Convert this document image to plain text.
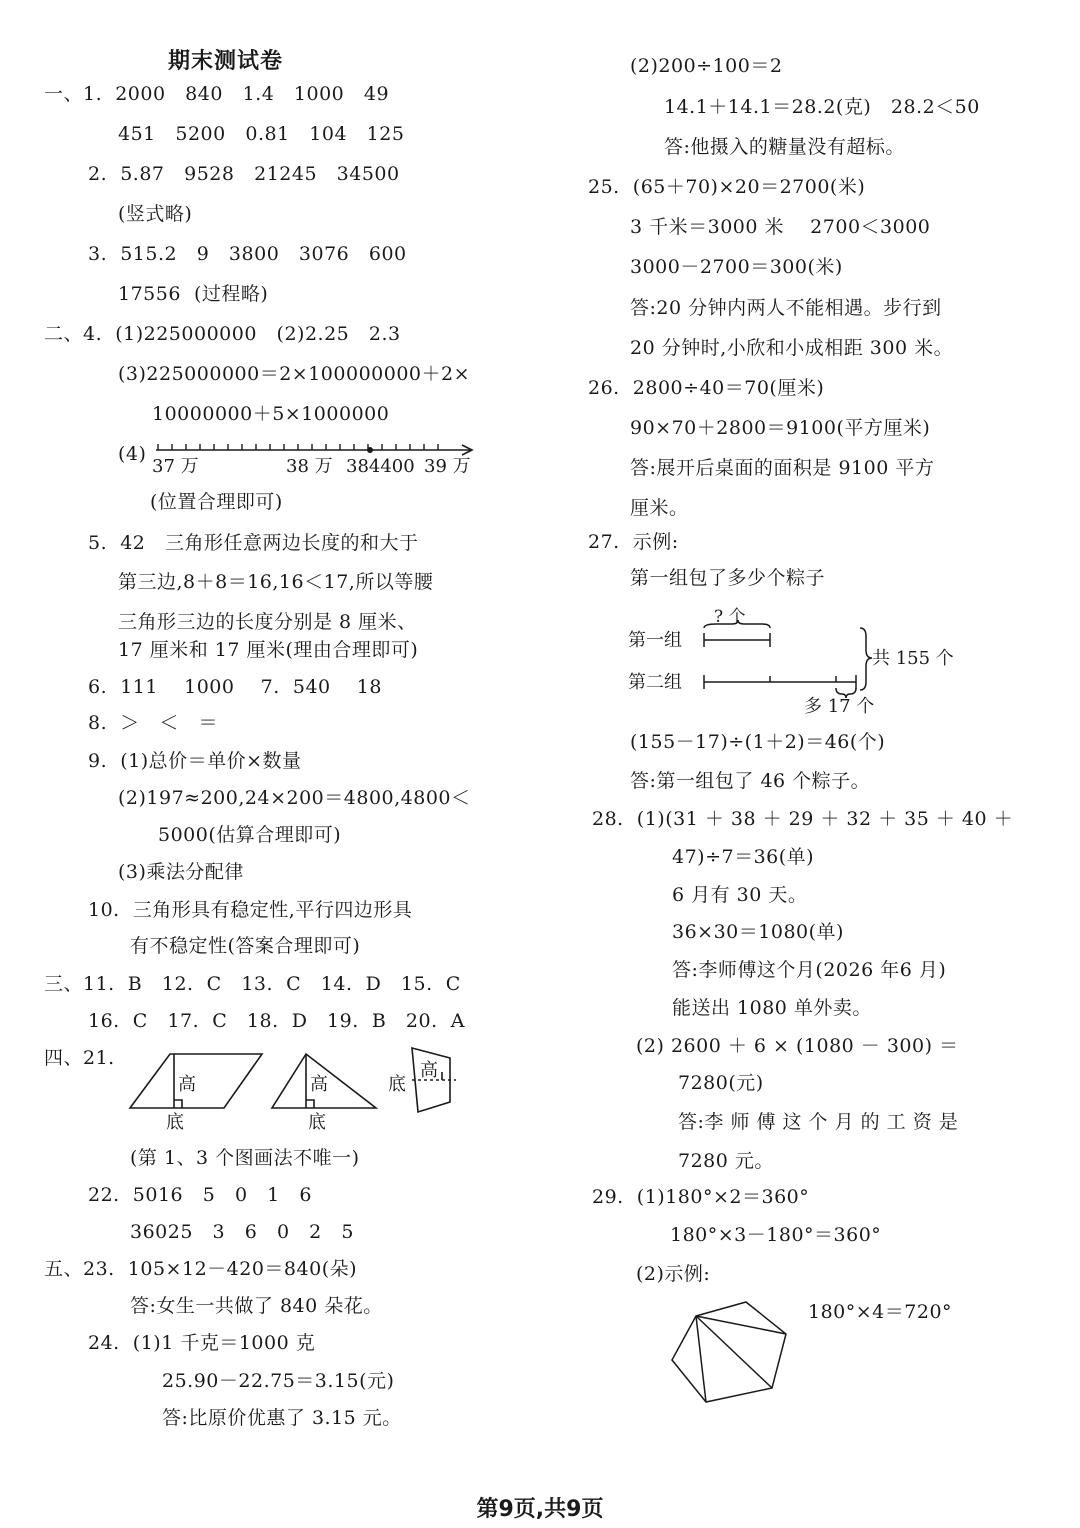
期末测试卷
一、1.  2000   840   1.4   1000   49
451   5200   0.81   104   125
2.  5.87   9528   21245   34500
(竖式略)
3.  515.2   9   3800   3076   600
17556  (过程略)
二、4.  (1)225000000   (2)2.25   2.3
(3)225000000＝2×100000000＋2×
10000000＋5×1000000
(4)
37 万	38 万 384400 39 万
(位置合理即可)
5.  42   三角形任意两边长度的和大于
第三边,8＋8＝16,16＜17,所以等腰
三角形三边的长度分别是 8 厘米、
17 厘米和 17 厘米(理由合理即可)
6.  111    1000    7.  540    18
8.  ＞   ＜   ＝
9.  (1)总价＝单价×数量
(2)197≈200,24×200＝4800,4800＜
5000(估算合理即可)
(3)乘法分配律
10.  三角形具有稳定性,平行四边形具
有不稳定性(答案合理即可)
三、11.  B   12.  C   13.  C   14.  D   15.  C
16.  C   17.  C   18.  D   19.  B   20.  A
四、21.
高
底
高
底
高
底
(第 1、3 个图画法不唯一)
22.  5016   5   0   1   6
36025   3   6   0   2   5
五、23.  105×12－420＝840(朵)
答:女生一共做了 840 朵花。
24.  (1)1 千克＝1000 克
25.90－22.75＝3.15(元)
答:比原价优惠了 3.15 元。
(2)200÷100＝2
14.1＋14.1＝28.2(克)   28.2＜50
答:他摄入的糖量没有超标。
25.  (65＋70)×20＝2700(米)
3 千米＝3000 米    2700＜3000
3000－2700＝300(米)
答:20 分钟内两人不能相遇。步行到
20 分钟时,小欣和小成相距 300 米。
26.  2800÷40＝70(厘米)
90×70＋2800＝9100(平方厘米)
答:展开后桌面的面积是 9100 平方
厘米。
27.  示例:
第一组包了多少个粽子
? 个
第一组
第二组
共 155 个
多 17 个
(155－17)÷(1＋2)＝46(个)
答:第一组包了 46 个粽子。
28.  (1)(31 ＋ 38 ＋ 29 ＋ 32 ＋ 35 ＋ 40 ＋
47)÷7＝36(单)
6 月有 30 天。
36×30＝1080(单)
答:李师傅这个月(2026 年6 月)
能送出 1080 单外卖。
(2) 2600 ＋ 6 × (1080 － 300) ＝
7280(元)
答:李 师 傅 这 个 月 的 工 资 是
7280 元。
29.  (1)180°×2＝360°
180°×3－180°＝360°
(2)示例:
180°×4＝720°
第9页,共9页
